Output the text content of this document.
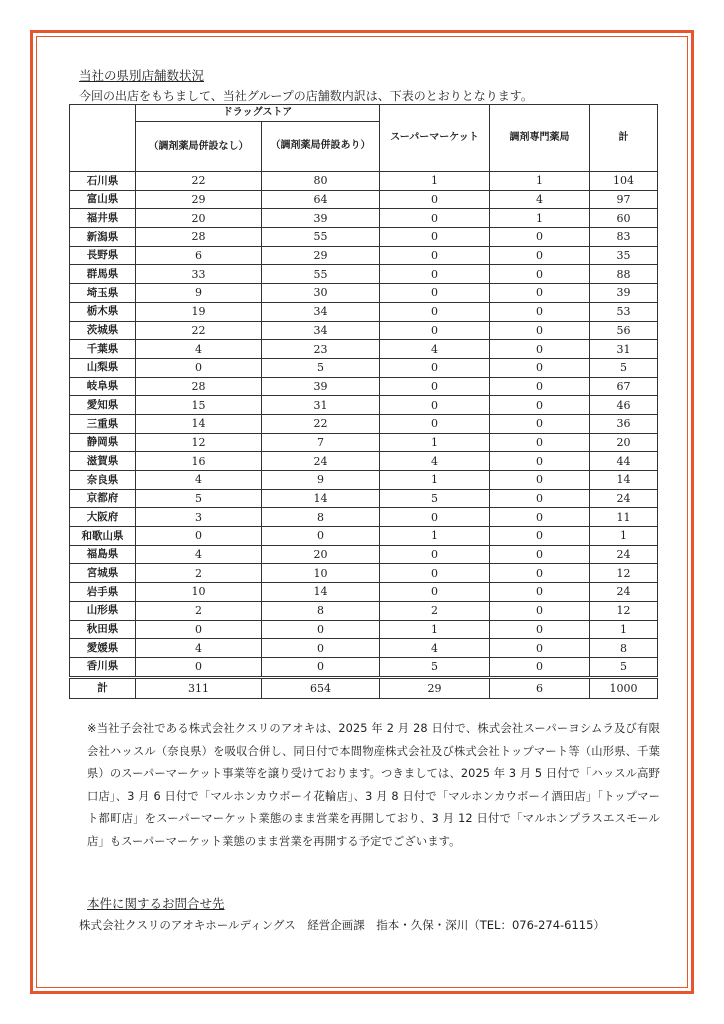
当社の県別店舗数状況
今回の出店をもちまして、当社グループの店舗数内訳は、下表のとおりとなります。
	ドラッグストア		スーパーマーケット	調剤専門薬局	計
	（調剤薬局併設なし）	（調剤薬局併設あり）			
石川県	22	80	1	1	104
富山県	29	64	0	4	97
福井県	20	39	0	1	60
新潟県	28	55	0	0	83
長野県	6	29	0	0	35
群馬県	33	55	0	0	88
埼玉県	9	30	0	0	39
栃木県	19	34	0	0	53
茨城県	22	34	0	0	56
千葉県	4	23	4	0	31
山梨県	0	5	0	0	5
岐阜県	28	39	0	0	67
愛知県	15	31	0	0	46
三重県	14	22	0	0	36
静岡県	12	7	1	0	20
滋賀県	16	24	4	0	44
奈良県	4	9	1	0	14
京都府	5	14	5	0	24
大阪府	3	8	0	0	11
和歌山県	0	0	1	0	1
福島県	4	20	0	0	24
宮城県	2	10	0	0	12
岩手県	10	14	0	0	24
山形県	2	8	2	0	12
秋田県	0	0	1	0	1
愛媛県	4	0	4	0	8
香川県	0	0	5	0	5
計	311	654	29	6	1000
※当社子会社である株式会社クスリのアオキは、2025 年 2 月 28 日付で、株式会社スーパーヨシムラ及び有限会社ハッスル（奈良県）を吸収合併し、同日付で本間物産株式会社及び株式会社トップマート等（山形県、千葉県）のスーパーマーケット事業等を譲り受けております。つきましては、2025 年 3 月 5 日付で「ハッスル高野口店」、3 月 6 日付で「マルホンカウボーイ花輪店」、3 月 8 日付で「マルホンカウボーイ酒田店」「トップマート都町店」をスーパーマーケット業態のまま営業を再開しており、3 月 12 日付で「マルホンプラスエスモール店」もスーパーマーケット業態のまま営業を再開する予定でございます。
本件に関するお問合せ先
株式会社クスリのアオキホールディングス　経営企画課　指本・久保・深川（TEL：076-274-6115）
